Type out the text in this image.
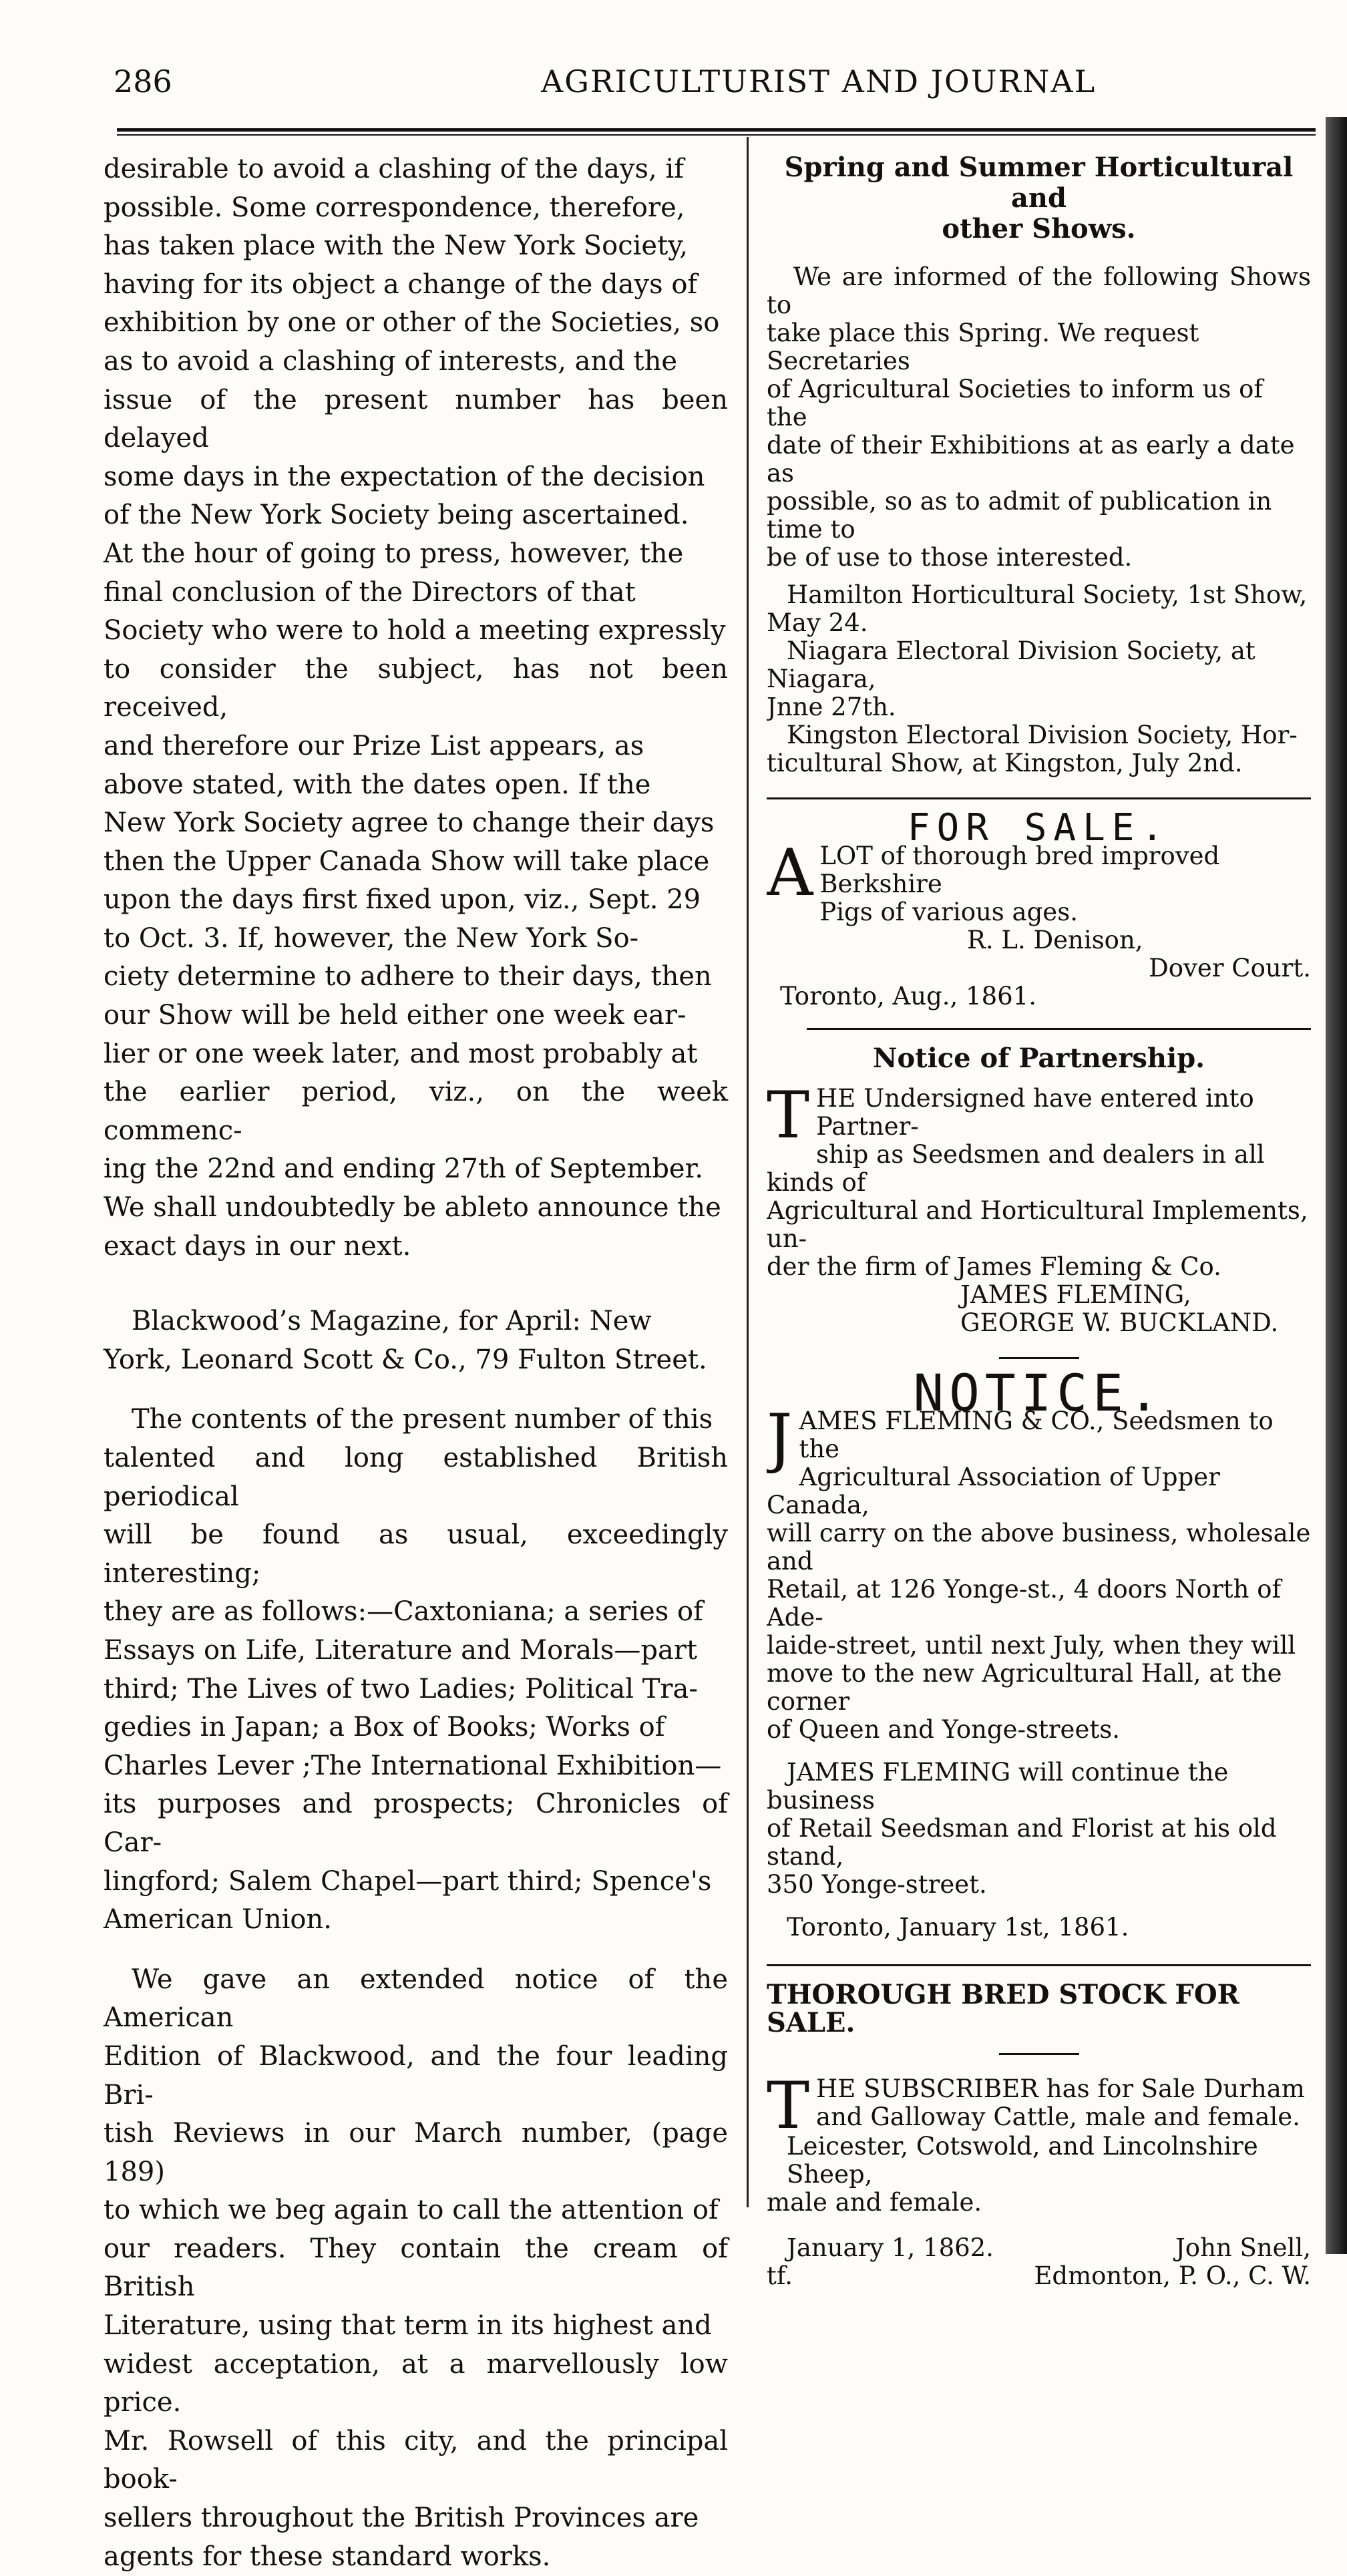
286	AGRICULTURIST AND JOURNAL

desirable to avoid a clashing of the days, if

possible. Some correspondence, therefore,

has taken place with the New York Society,

having for its object a change of the days of

exhibition by one or other of the Societies, so

as to avoid a clashing of interests, and the

issue of the present number has been delayed

some days in the expectation of the decision

of the New York Society being ascertained.

At the hour of going to press, however, the

final conclusion of the Directors of that

Society who were to hold a meeting expressly

to consider the subject, has not been received,

and therefore our Prize List appears, as

above stated, with the dates open. If the

New York Society agree to change their days

then the Upper Canada Show will take place

upon the days first fixed upon, viz., Sept. 29

to Oct. 3. If, however, the New York So-

ciety determine to adhere to their days, then

our Show will be held either one week ear-

lier or one week later, and most probably at

the earlier period, viz., on the week commenc-

ing the 22nd and ending 27th of September.

We shall undoubtedly be ableto announce the

exact days in our next.

Blackwood’s Magazine, for April: New

York, Leonard Scott & Co., 79 Fulton Street.

The contents of the present number of this

talented and long established British periodical

will be found as usual, exceedingly interesting;

they are as follows:—Caxtoniana; a series of

Essays on Life, Literature and Morals—part

third; The Lives of two Ladies; Political Tra-

gedies in Japan; a Box of Books; Works of

Charles Lever ;The International Exhibition—

its purposes and prospects; Chronicles of Car-

lingford; Salem Chapel—part third; Spence's

American Union.

We gave an extended notice of the American

Edition of Blackwood, and the four leading Bri-

tish Reviews in our March number, (page 189)

to which we beg again to call the attention of

our readers. They contain the cream of British

Literature, using that term in its highest and

widest acceptation, at a marvellously low price.

Mr. Rowsell of this city, and the principal book-

sellers throughout the British Provinces are

agents for these standard works.

Spring and Summer Horticultural and

other Shows.

We are informed of the following Shows to

take place this Spring. We request Secretaries

of Agricultural Societies to inform us of the

date of their Exhibitions at as early a date as

possible, so as to admit of publication in time to

be of use to those interested.

Hamilton Horticultural Society, 1st Show,

May 24.

Niagara Electoral Division Society, at Niagara,

Jnne 27th.

Kingston Electoral Division Society, Hor-

ticultural Show, at Kingston, July 2nd.

FOR SALE.

A LOT of thorough bred improved Berkshire

Pigs of various ages.

R. L. Denison,

Dover Court.

Toronto, Aug., 1861.

Notice of Partnership.

T HE Undersigned have entered into Partner-

ship as Seedsmen and dealers in all kinds of

Agricultural and Horticultural Implements, un-

der the firm of James Fleming & Co.

JAMES FLEMING,

GEORGE W. BUCKLAND.

NOTICE.

J AMES FLEMING & CO., Seedsmen to the

Agricultural Association of Upper Canada,

will carry on the above business, wholesale and

Retail, at 126 Yonge-st., 4 doors North of Ade-

laide-street, until next July, when they will

move to the new Agricultural Hall, at the corner

of Queen and Yonge-streets.

JAMES FLEMING will continue the business

of Retail Seedsman and Florist at his old stand,

350 Yonge-street.

Toronto, January 1st, 1861.

THOROUGH BRED STOCK FOR SALE.

T HE SUBSCRIBER has for Sale Durham

and Galloway Cattle, male and female.

Leicester, Cotswold, and Lincolnshire Sheep,

male and female.

January 1, 1862.	John Snell,
tf.	Edmonton, P. O., C. W.
